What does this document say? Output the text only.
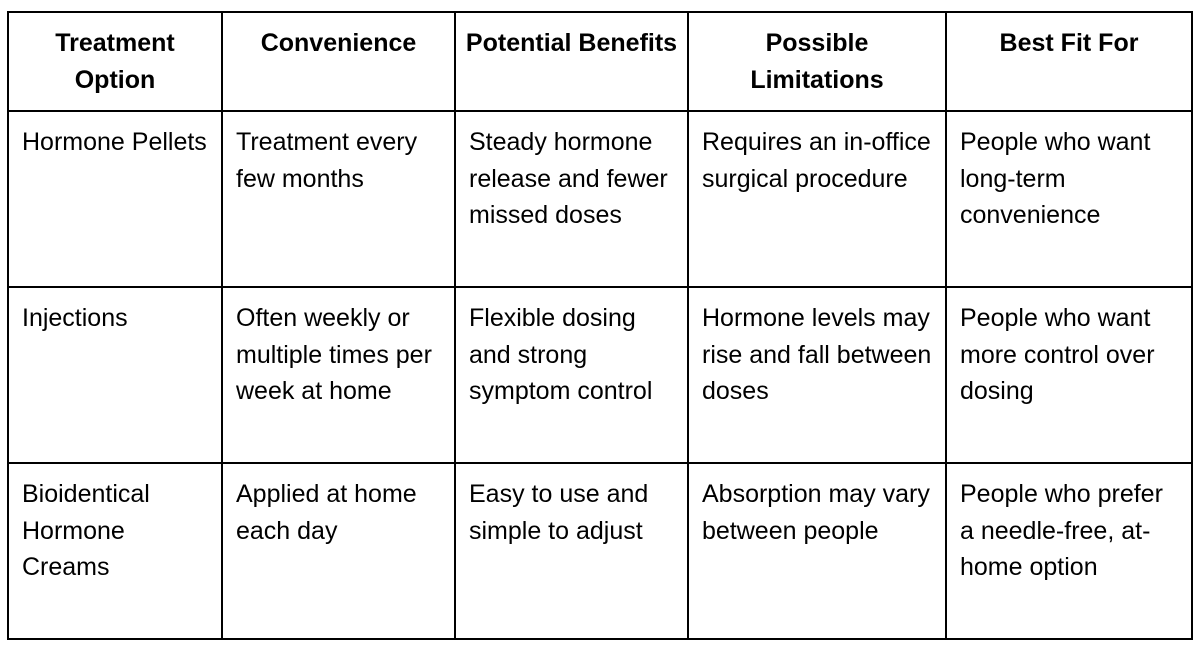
Treatment Option	Convenience	Potential Benefits	Possible Limitations	Best Fit For
Hormone Pellets	Treatment every few months	Steady hormone release and fewer missed doses	Requires an in-office surgical procedure	People who want long-term convenience
Injections	Often weekly or multiple times per week at home	Flexible dosing and strong symptom control	Hormone levels may rise and fall between doses	People who want more control over dosing
Bioidentical Hormone Creams	Applied at home each day	Easy to use and simple to adjust	Absorption may vary between people	People who prefer a needle-free, at-home option
